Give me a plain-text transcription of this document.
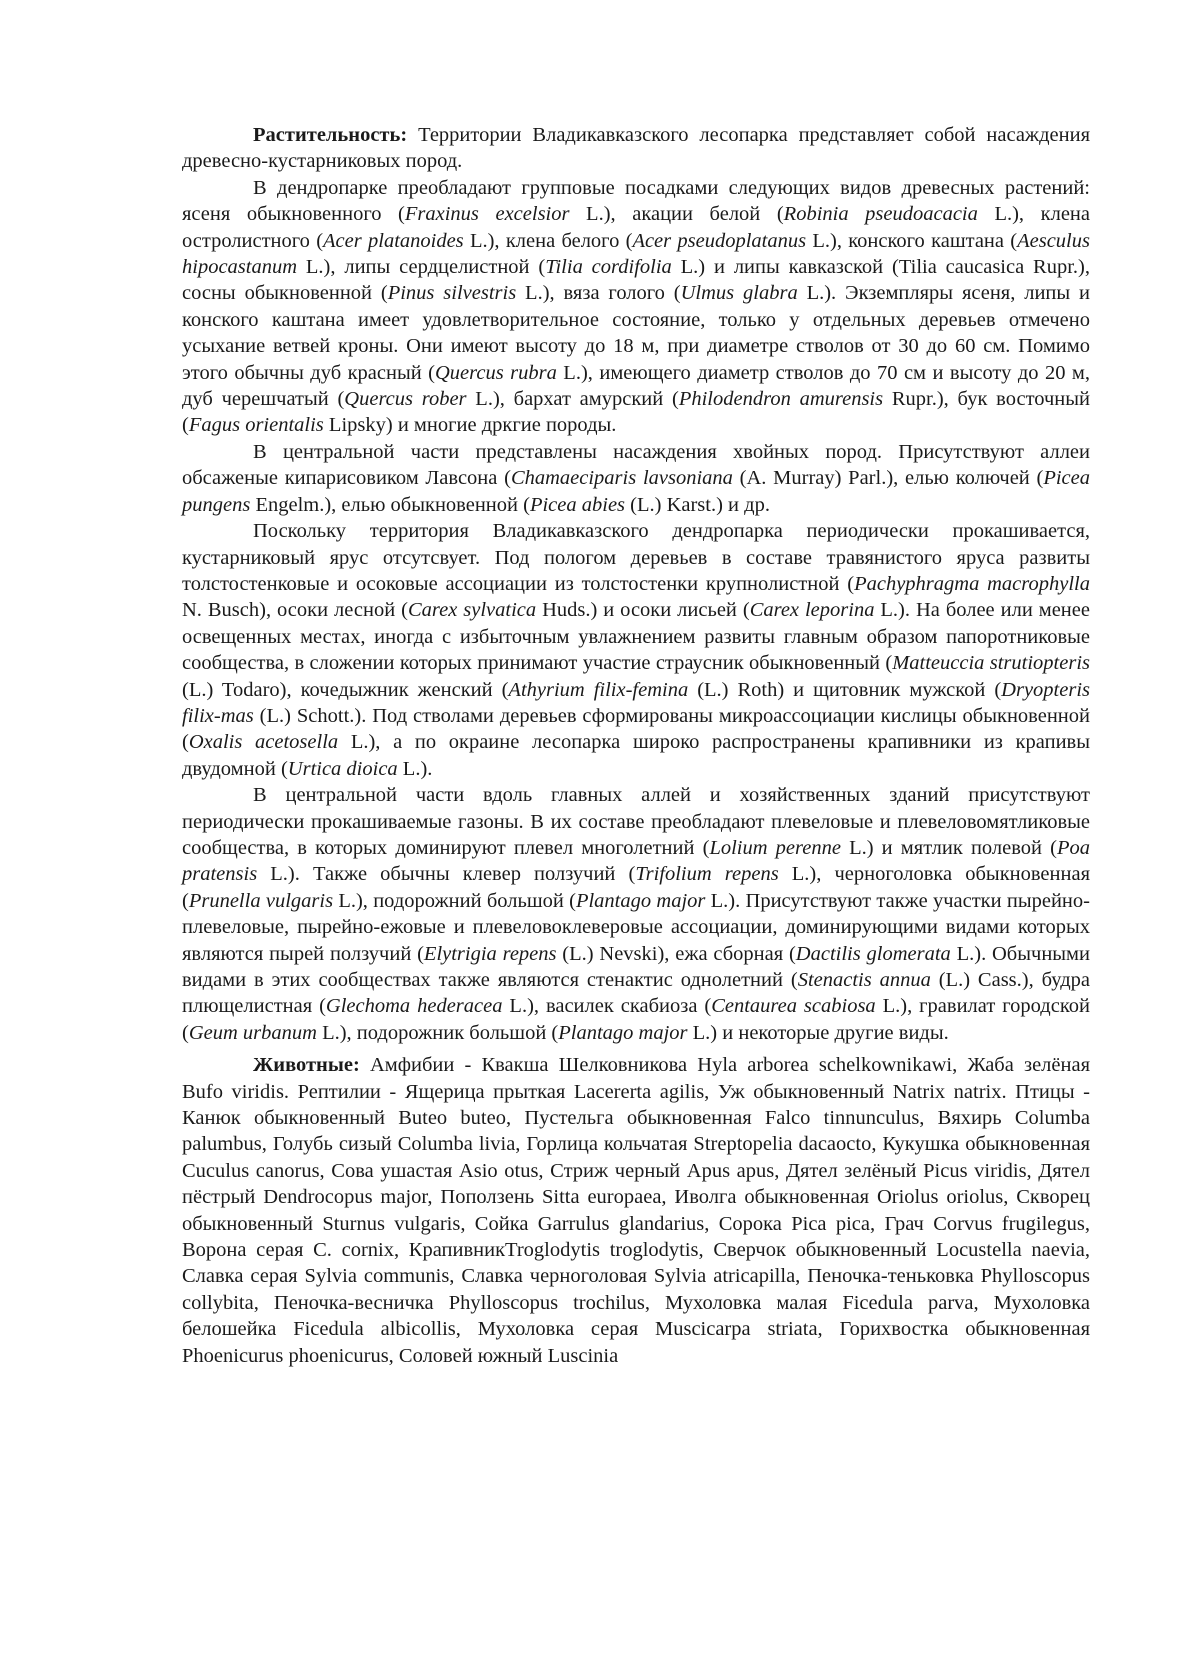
Растительность: Территории Владикавказского лесопарка представляет собой насаждения древесно-кустарниковых пород.

В дендропарке преобладают групповые посадками следующих видов древесных растений: ясеня обыкновенного (Fraxinus excelsior L.), акации белой (Robinia pseudoacacia L.), клена остролистного (Acer platanoides L.), клена белого (Acer pseudoplatanus L.), конского каштана (Aesculus hipocastanum L.), липы сердцелистной (Tilia cordifolia L.) и липы кавказской (Tilia caucasica Rupr.), сосны обыкновенной (Pinus silvestris L.), вяза голого (Ulmus glabra L.). Экземпляры ясеня, липы и конского каштана имеет удовлетворительное состояние, только у отдельных деревьев отмечено усыхание ветвей кроны. Они имеют высоту до 18 м, при диаметре стволов от 30 до 60 см. Помимо этого обычны дуб красный (Quercus rubra L.), имеющего диаметр стволов до 70 см и высоту до 20 м, дуб черешчатый (Quercus rober L.), бархат амурский (Philodendron amurensis Rupr.), бук восточный (Fagus orientalis Lipsky) и многие дркгие породы.

В центральной части представлены насаждения хвойных пород. Присутствуют аллеи обсаженые кипарисовиком Лавсона (Chamaeciparis lavsoniana (A. Murray) Parl.), елью колючей (Picea pungens Engelm.), елью обыкновенной (Picea abies (L.) Karst.) и др.

Поскольку территория Владикавказского дендропарка периодически прокашивается, кустарниковый ярус отсутсвует. Под пологом деревьев в составе травянистого яруса развиты толстостенковые и осоковые ассоциации из толстостенки крупнолистной (Pachyphragma macrophylla N. Busch), осоки лесной (Carex sylvatica Huds.) и осоки лисьей (Carex leporina L.). На более или менее освещенных местах, иногда с избыточным увлажнением развиты главным образом папоротниковые сообщества, в сложении которых принимают участие страусник обыкновенный (Matteuccia strutiopteris (L.) Todaro), кочедыжник женский (Athyrium filix-femina (L.) Roth) и щитовник мужской (Dryopteris filix-mas (L.) Schott.). Под стволами деревьев сформированы микроассоциации кислицы обыкновенной (Oxalis acetosella L.), а по окраине лесопарка широко распространены крапивники из крапивы двудомной (Urtica dioica L.).

В центральной части вдоль главных аллей и хозяйственных зданий присутствуют периодически прокашиваемые газоны. В их составе преобладают плевеловые и плевеловомятликовые сообщества, в которых доминируют плевел многолетний (Lolium perenne L.) и мятлик полевой (Poa pratensis L.). Также обычны клевер ползучий (Trifolium repens L.), черноголовка обыкновенная (Prunella vulgaris L.), подорожний большой (Plantago major L.). Присутствуют также участки пырейно-плевеловые, пырейно-ежовые и плевеловоклеверовые ассоциации, доминирующими видами которых являются пырей ползучий (Elytrigia repens (L.) Nevski), ежа сборная (Dactilis glomerata L.). Обычными видами в этих сообществах также являются стенактис однолетний (Stenactis annua (L.) Cass.), будра плющелистная (Glechoma hederacea L.), василек скабиоза (Centaurea scabiosa L.), гравилат городской (Geum urbanum L.), подорожник большой (Plantago major L.) и некоторые другие виды.

Животные: Амфибии - Квакша Шелковникова Hyla arborea schelkownikawi, Жаба зелёная Bufo viridis. Рептилии - Ящерица прыткая Lacererta agilis, Уж обыкновенный Natrix natrix. Птицы - Канюк обыкновенный Buteo buteo, Пустельга обыкновенная Falco tinnunculus, Вяхирь Columba palumbus, Голубь сизый Columba livia, Горлица кольчатая Streptopelia dacaocto, Кукушка обыкновенная Cuculus canorus, Сова ушастая Asio otus, Стриж черный Apus apus, Дятел зелёный Picus viridis, Дятел пёстрый Dendrocopus major, Поползень Sitta europaea, Иволга обыкновенная Oriolus oriolus, Скворец обыкновенный Sturnus vulgaris, Сойка Garrulus glandarius, Сорока Pica pica, Грач Corvus frugilegus, Ворона серая C. cornix, КрапивникTroglodytis troglodytis, Сверчок обыкновенный Locustella naevia, Славка серая Sylvia communis, Славка черноголовая Sylvia atricapilla, Пеночка-теньковка Phylloscopus collybita, Пеночка-весничка Phylloscopus trochilus, Мухоловка малая Ficedula parva, Мухоловка белошейка Ficedula albicollis, Мухоловка серая Muscicarpa striata, Горихвостка обыкновенная Phoenicurus phoenicurus, Соловей южный Luscinia
